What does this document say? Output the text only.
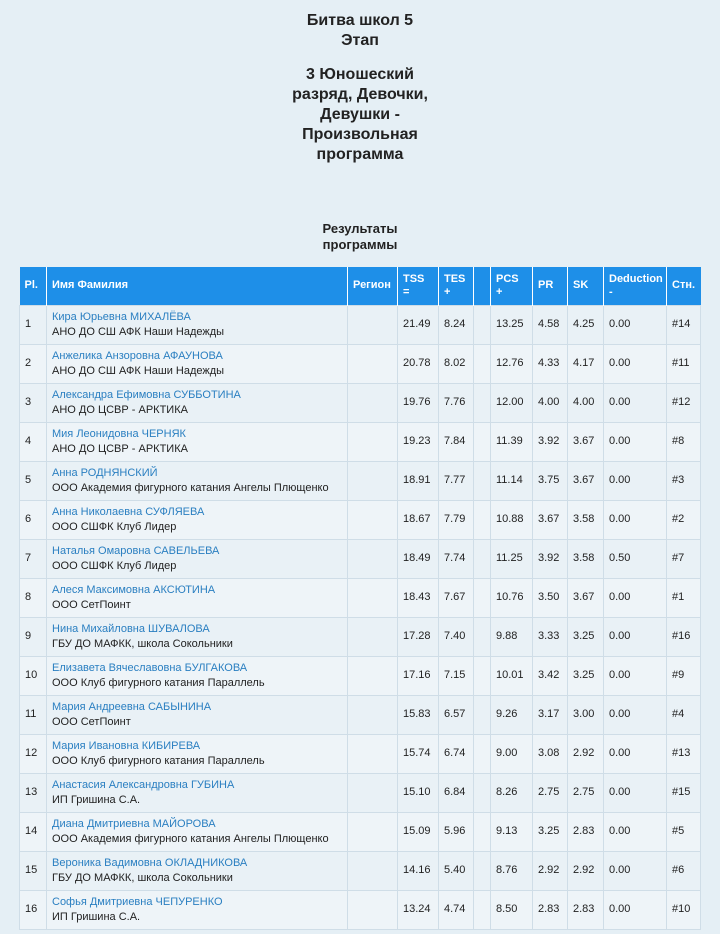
Битва школ 5 Этап
3 Юношеский разряд, Девочки, Девушки - Произвольная программа
Результаты программы
Pl.	Имя Фамилия	Регион	TSS =	TES +		PCS +	PR	SK	Deduction -	Стн.
1	Кира Юрьевна МИХАЛЁВА
АНО ДО СШ АФК Наши Надежды		21.49	8.24		13.25	4.58	4.25	0.00	#14
2	Анжелика Анзоровна АФАУНОВА
АНО ДО СШ АФК Наши Надежды		20.78	8.02		12.76	4.33	4.17	0.00	#11
3	Александра Ефимовна СУББОТИНА
АНО ДО ЦСВР - АРКТИКА		19.76	7.76		12.00	4.00	4.00	0.00	#12
4	Мия Леонидовна ЧЕРНЯК
АНО ДО ЦСВР - АРКТИКА		19.23	7.84		11.39	3.92	3.67	0.00	#8
5	Анна РОДНЯНСКИЙ
ООО Академия фигурного катания Ангелы Плющенко		18.91	7.77		11.14	3.75	3.67	0.00	#3
6	Анна Николаевна СУФЛЯЕВА
ООО СШФК Клуб Лидер		18.67	7.79		10.88	3.67	3.58	0.00	#2
7	Наталья Омаровна САВЕЛЬЕВА
ООО СШФК Клуб Лидер		18.49	7.74		11.25	3.92	3.58	0.50	#7
8	Алеся Максимовна АКСЮТИНА
ООО СетПоинт		18.43	7.67		10.76	3.50	3.67	0.00	#1
9	Нина Михайловна ШУВАЛОВА
ГБУ ДО МАФКК, школа Сокольники		17.28	7.40		9.88	3.33	3.25	0.00	#16
10	Елизавета Вячеславовна БУЛГАКОВА
ООО Клуб фигурного катания Параллель		17.16	7.15		10.01	3.42	3.25	0.00	#9
11	Мария Андреевна САБЫНИНА
ООО СетПоинт		15.83	6.57		9.26	3.17	3.00	0.00	#4
12	Мария Ивановна КИБИРЕВА
ООО Клуб фигурного катания Параллель		15.74	6.74		9.00	3.08	2.92	0.00	#13
13	Анастасия Александровна ГУБИНА
ИП Гришина С.А.		15.10	6.84		8.26	2.75	2.75	0.00	#15
14	Диана Дмитриевна МАЙОРОВА
ООО Академия фигурного катания Ангелы Плющенко		15.09	5.96		9.13	3.25	2.83	0.00	#5
15	Вероника Вадимовна ОКЛАДНИКОВА
ГБУ ДО МАФКК, школа Сокольники		14.16	5.40		8.76	2.92	2.92	0.00	#6
16	Софья Дмитриевна ЧЕПУРЕНКО
ИП Гришина С.А.		13.24	4.74		8.50	2.83	2.83	0.00	#10
